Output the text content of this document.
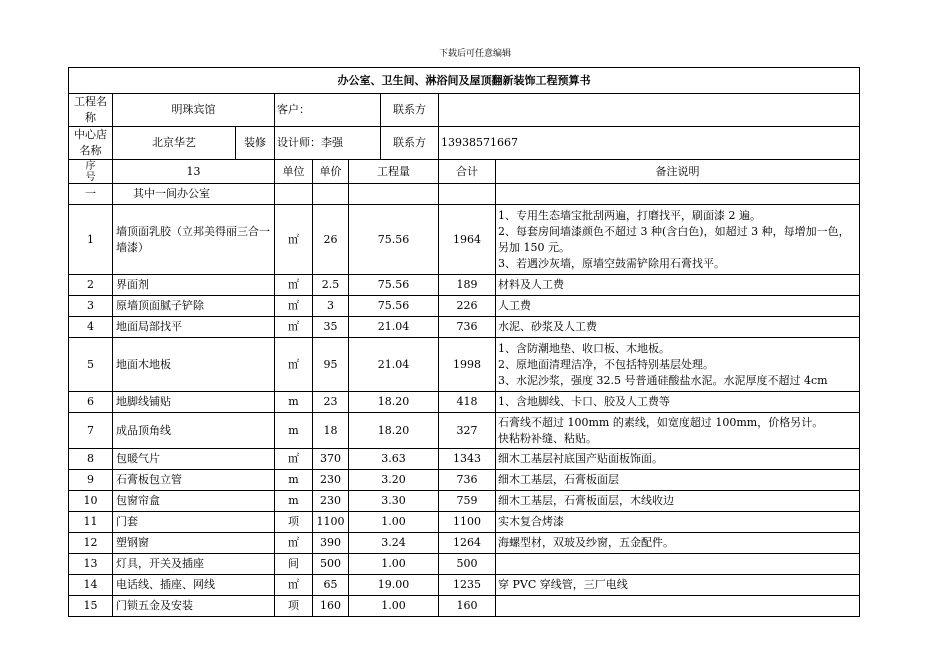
下载后可任意编辑
办公室、卫生间、淋浴间及屋顶翻新装饰工程预算书								
工程名称	明珠宾馆		客户：			联系方		
中心店名称	北京华艺	装修	设计师：李强			联系方	13938571667	
序
号	13		单位	单价	工程量		合计	备注说明
一	其中一间办公室							
1	墙顶面乳胶（立邦美得丽三合一墙漆）		㎡	26	75.56		1964	1、专用生态墙宝批刮两遍，打磨找平，刷面漆 2 遍。
2、每套房间墙漆颜色不超过 3 种(含白色)，如超过 3 种，每增加一色，另加 150 元。
3、若遇沙灰墙，原墙空鼓需铲除用石膏找平。

2	界面剂		㎡	2.5	75.56		189	材料及人工费

3	原墙顶面腻子铲除		㎡	3	75.56		226	人工费

4	地面局部找平		㎡	35	21.04		736	水泥、砂浆及人工费

5	地面木地板		㎡	95	21.04		1998	1、含防潮地垫、收口板、木地板。
2、原地面清理洁净，不包括特别基层处理。
3、水泥沙浆，强度 32.5 号普通硅酸盐水泥。水泥厚度不超过 4cm

6	地脚线铺贴		m	23	18.20		418	1、含地脚线、卡口、胶及人工费等

7	成品顶角线		m	18	18.20		327	石膏线不超过 100mm 的素线，如宽度超过 100mm，价格另计。
快粘粉补缝、粘贴。

8	包暖气片		㎡	370	3.63		1343	细木工基层衬底国产贴面板饰面。

9	石膏板包立管		m	230	3.20		736	细木工基层，石膏板面层

10	包窗帘盒		m	230	3.30		759	细木工基层，石膏板面层，木线收边

11	门套		项	1100	1.00		1100	实木复合烤漆

12	塑钢窗		㎡	390	3.24		1264	海螺型材，双玻及纱窗，五金配件。

13	灯具，开关及插座		间	500	1.00		500	

14	电话线、插座、网线		㎡	65	19.00		1235	穿 PVC 穿线管，三厂电线

15	门锁五金及安装		项	160	1.00		160	
